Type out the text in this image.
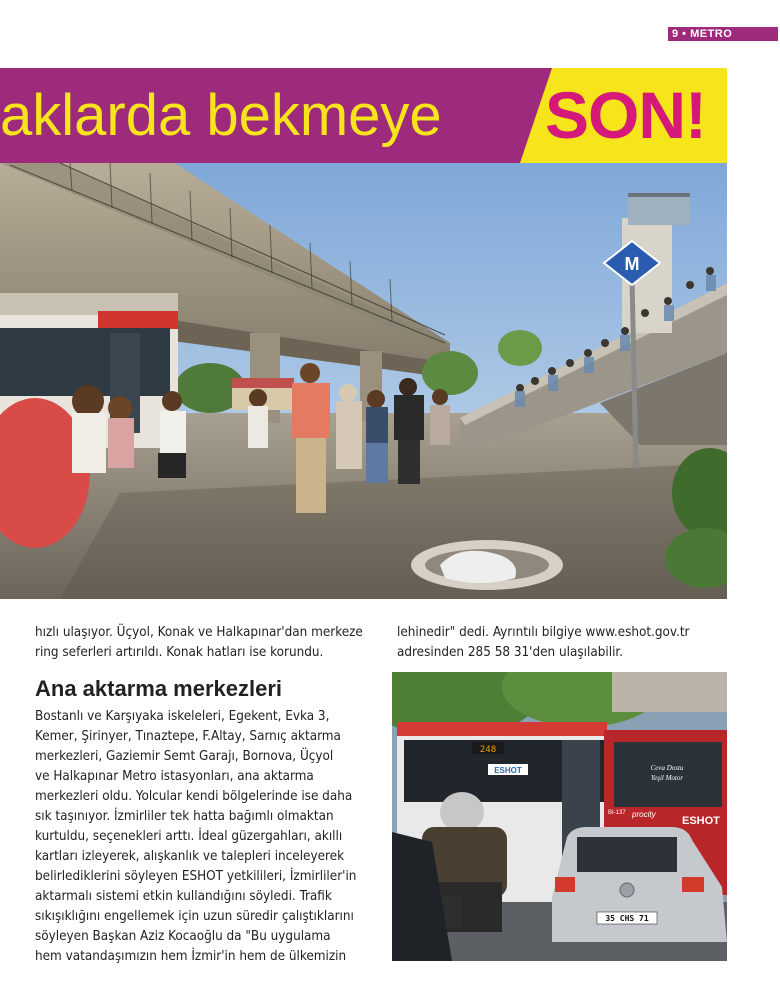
9 • METRO
aklarda bekmeye SON!
M

hızlı ulaşıyor. Üçyol, Konak ve Halkapınar'dan merkeze
ring seferleri artırıldı. Konak hatları ise korundu.

lehinedir" dedi. Ayrıntılı bilgiye www.eshot.gov.tr
adresinden 285 58 31'den ulaşılabilir.

Ana aktarma merkezleri

Bostanlı ve Karşıyaka iskeleleri, Egekent, Evka 3,
Kemer, Şirinyer, Tınaztepe, F.Altay, Sarnıç aktarma
merkezleri, Gaziemir Semt Garajı, Bornova, Üçyol
ve Halkapınar Metro istasyonları, ana aktarma
merkezleri oldu. Yolcular kendi bölgelerinde ise daha
sık taşınıyor. İzmirliler tek hatta bağımlı olmaktan
kurtuldu, seçenekleri arttı. İdeal güzergahları, akıllı
kartları izleyerek, alışkanlık ve talepleri inceleyerek
belirlediklerini söyleyen ESHOT yetkilileri, İzmirliler'in
aktarmalı sistemi etkin kullandığını söyledi. Trafik
sıkışıklığını engellemek için uzun süredir çalıştıklarını
söyleyen Başkan Aziz Kocaoğlu da "Bu uygulama
hem vatandaşımızın hem İzmir'in hem de ülkemizin

248
ESHOT	Ceva Dostu
Yeşil Motor
procity
ESHOT
BI-137
35 CHS 71
